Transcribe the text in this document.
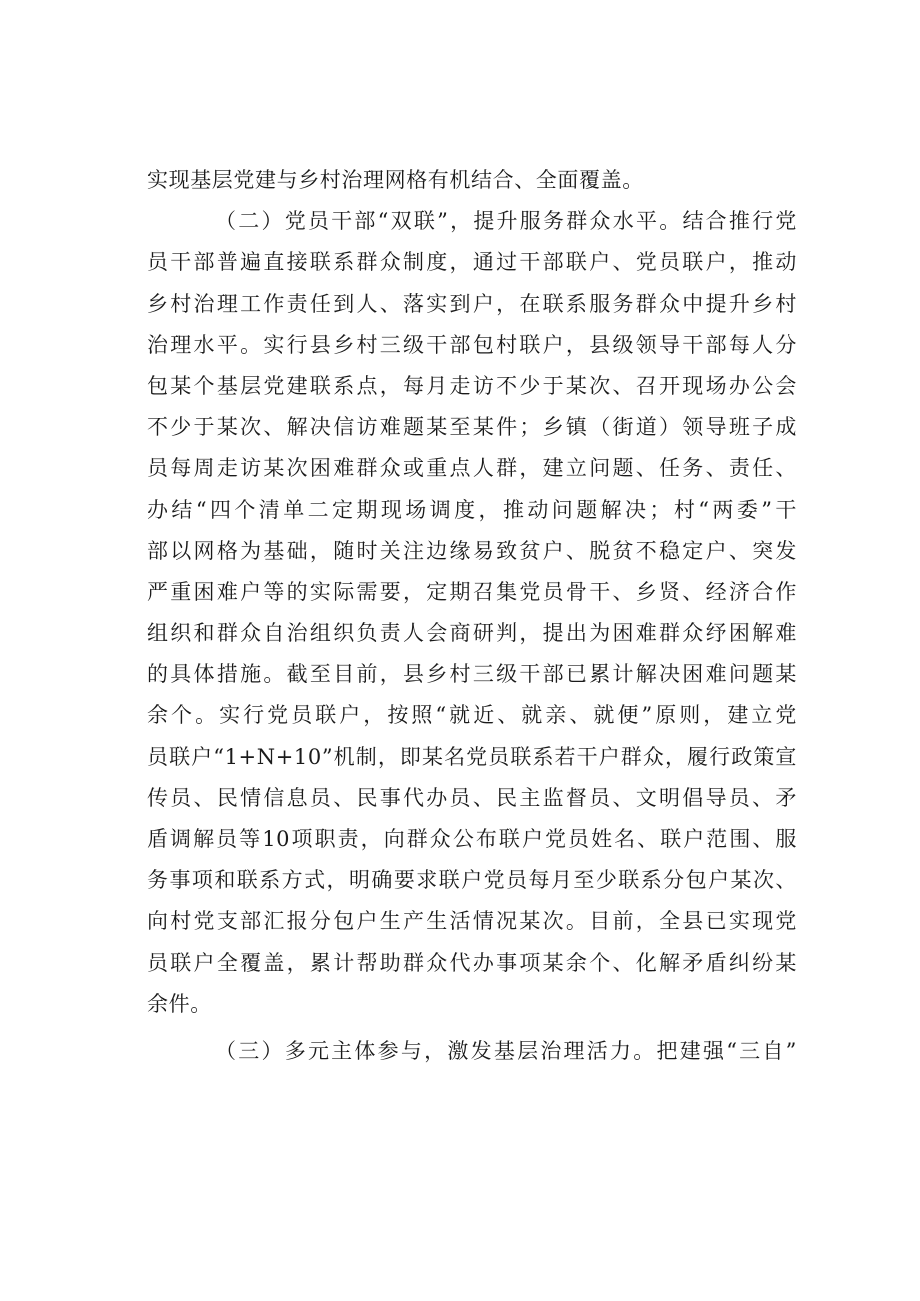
实现基层党建与乡村治理网格有机结合、全面覆盖。
（二）党员干部“双联”，提升服务群众水平。结合推行党
员干部普遍直接联系群众制度，通过干部联户、党员联户，推动
乡村治理工作责任到人、落实到户，在联系服务群众中提升乡村
治理水平。实行县乡村三级干部包村联户，县级领导干部每人分
包某个基层党建联系点，每月走访不少于某次、召开现场办公会
不少于某次、解决信访难题某至某件；乡镇（街道）领导班子成
员每周走访某次困难群众或重点人群，建立问题、任务、责任、
办结“四个清单二定期现场调度，推动问题解决；村“两委”干
部以网格为基础，随时关注边缘易致贫户、脱贫不稳定户、突发
严重困难户等的实际需要，定期召集党员骨干、乡贤、经济合作
组织和群众自治组织负责人会商研判，提出为困难群众纾困解难
的具体措施。截至目前，县乡村三级干部已累计解决困难问题某
余个。实行党员联户，按照“就近、就亲、就便”原则，建立党
员联户“1+N+10”机制，即某名党员联系若干户群众，履行政策宣
传员、民情信息员、民事代办员、民主监督员、文明倡导员、矛
盾调解员等10项职责，向群众公布联户党员姓名、联户范围、服
务事项和联系方式，明确要求联户党员每月至少联系分包户某次、
向村党支部汇报分包户生产生活情况某次。目前，全县已实现党
员联户全覆盖，累计帮助群众代办事项某余个、化解矛盾纠纷某
余件。
（三）多元主体参与，激发基层治理活力。把建强“三自”
